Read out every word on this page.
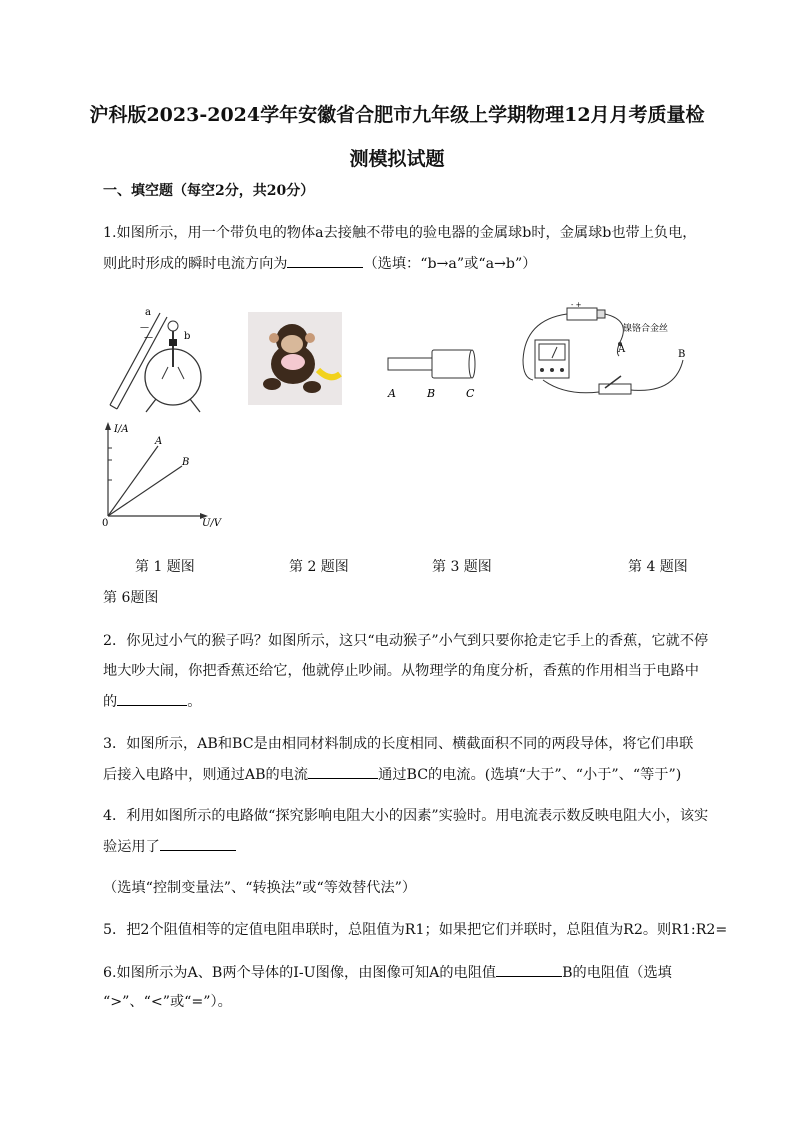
沪科版2023-2024学年安徽省合肥市九年级上学期物理12月月考质量检
测模拟试题
一、填空题（每空2分，共20分）
1.如图所示，用一个带负电的物体a去接触不带电的验电器的金属球b时，金属球b也带上负电，
则此时形成的瞬时电流方向为	（选填：“b→a”或“a→b”）
a
—
—	b
A	B	C
- +
镍铬合金丝
A	B
I/A
U/V
0
A
B
第 1 题图	第 2 题图	第 3 题图	第 4 题图
第 6题图
2．你见过小气的猴子吗？如图所示，这只“电动猴子”小气到只要你抢走它手上的香蕉，它就不停
地大吵大闹，你把香蕉还给它，他就停止吵闹。从物理学的角度分析，香蕉的作用相当于电路中
的	。
3．如图所示，AB和BC是由相同材料制成的长度相同、横截面积不同的两段导体，将它们串联
后接入电路中，则通过AB的电流	通过BC的电流。(选填“大于”、“小于”、“等于”)
4．利用如图所示的电路做“探究影响电阻大小的因素”实验时。用电流表示数反映电阻大小，该实
验运用了
（选填“控制变量法”、“转换法”或“等效替代法”）
5．把2个阻值相等的定值电阻串联时，总阻值为R1；如果把它们并联时，总阻值为R2。则R1:R2=
6.如图所示为A、B两个导体的I-U图像，由图像可知A的电阻值	B的电阻值（选填
“>”、“<”或“=”）。
